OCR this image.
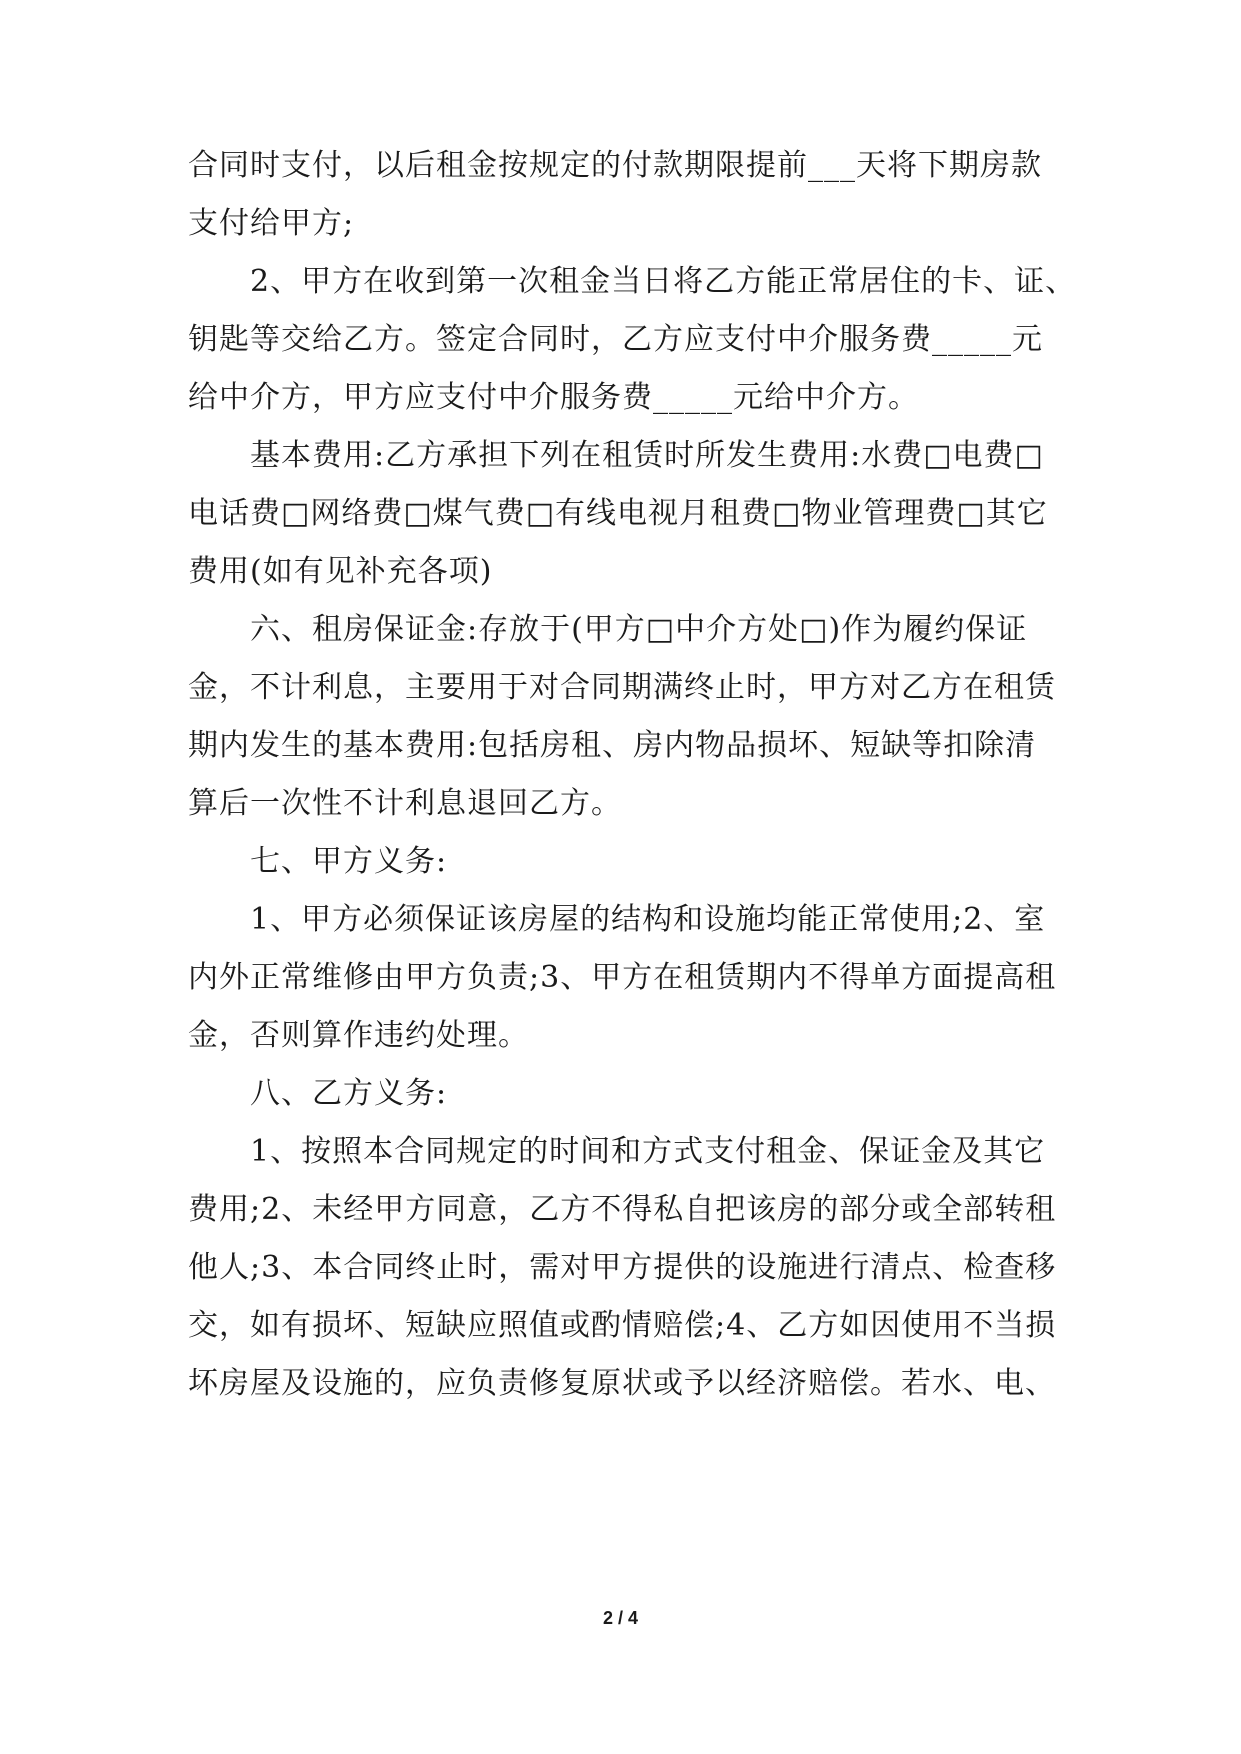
合同时支付，以后租金按规定的付款期限提前___天将下期房款
支付给甲方;
2、甲方在收到第一次租金当日将乙方能正常居住的卡、证、
钥匙等交给乙方。签定合同时，乙方应支付中介服务费_____元
给中介方，甲方应支付中介服务费_____元给中介方。
基本费用:乙方承担下列在租赁时所发生费用:水费□电费□
电话费□网络费□煤气费□有线电视月租费□物业管理费□其它
费用(如有见补充各项)
六、租房保证金:存放于(甲方□中介方处□)作为履约保证
金，不计利息，主要用于对合同期满终止时，甲方对乙方在租赁
期内发生的基本费用:包括房租、房内物品损坏、短缺等扣除清
算后一次性不计利息退回乙方。
七、甲方义务:
1、甲方必须保证该房屋的结构和设施均能正常使用;2、室
内外正常维修由甲方负责;3、甲方在租赁期内不得单方面提高租
金，否则算作违约处理。
八、乙方义务:
1、按照本合同规定的时间和方式支付租金、保证金及其它
费用;2、未经甲方同意，乙方不得私自把该房的部分或全部转租
他人;3、本合同终止时，需对甲方提供的设施进行清点、检查移
交，如有损坏、短缺应照值或酌情赔偿;4、乙方如因使用不当损
坏房屋及设施的，应负责修复原状或予以经济赔偿。若水、电、
2 / 4
